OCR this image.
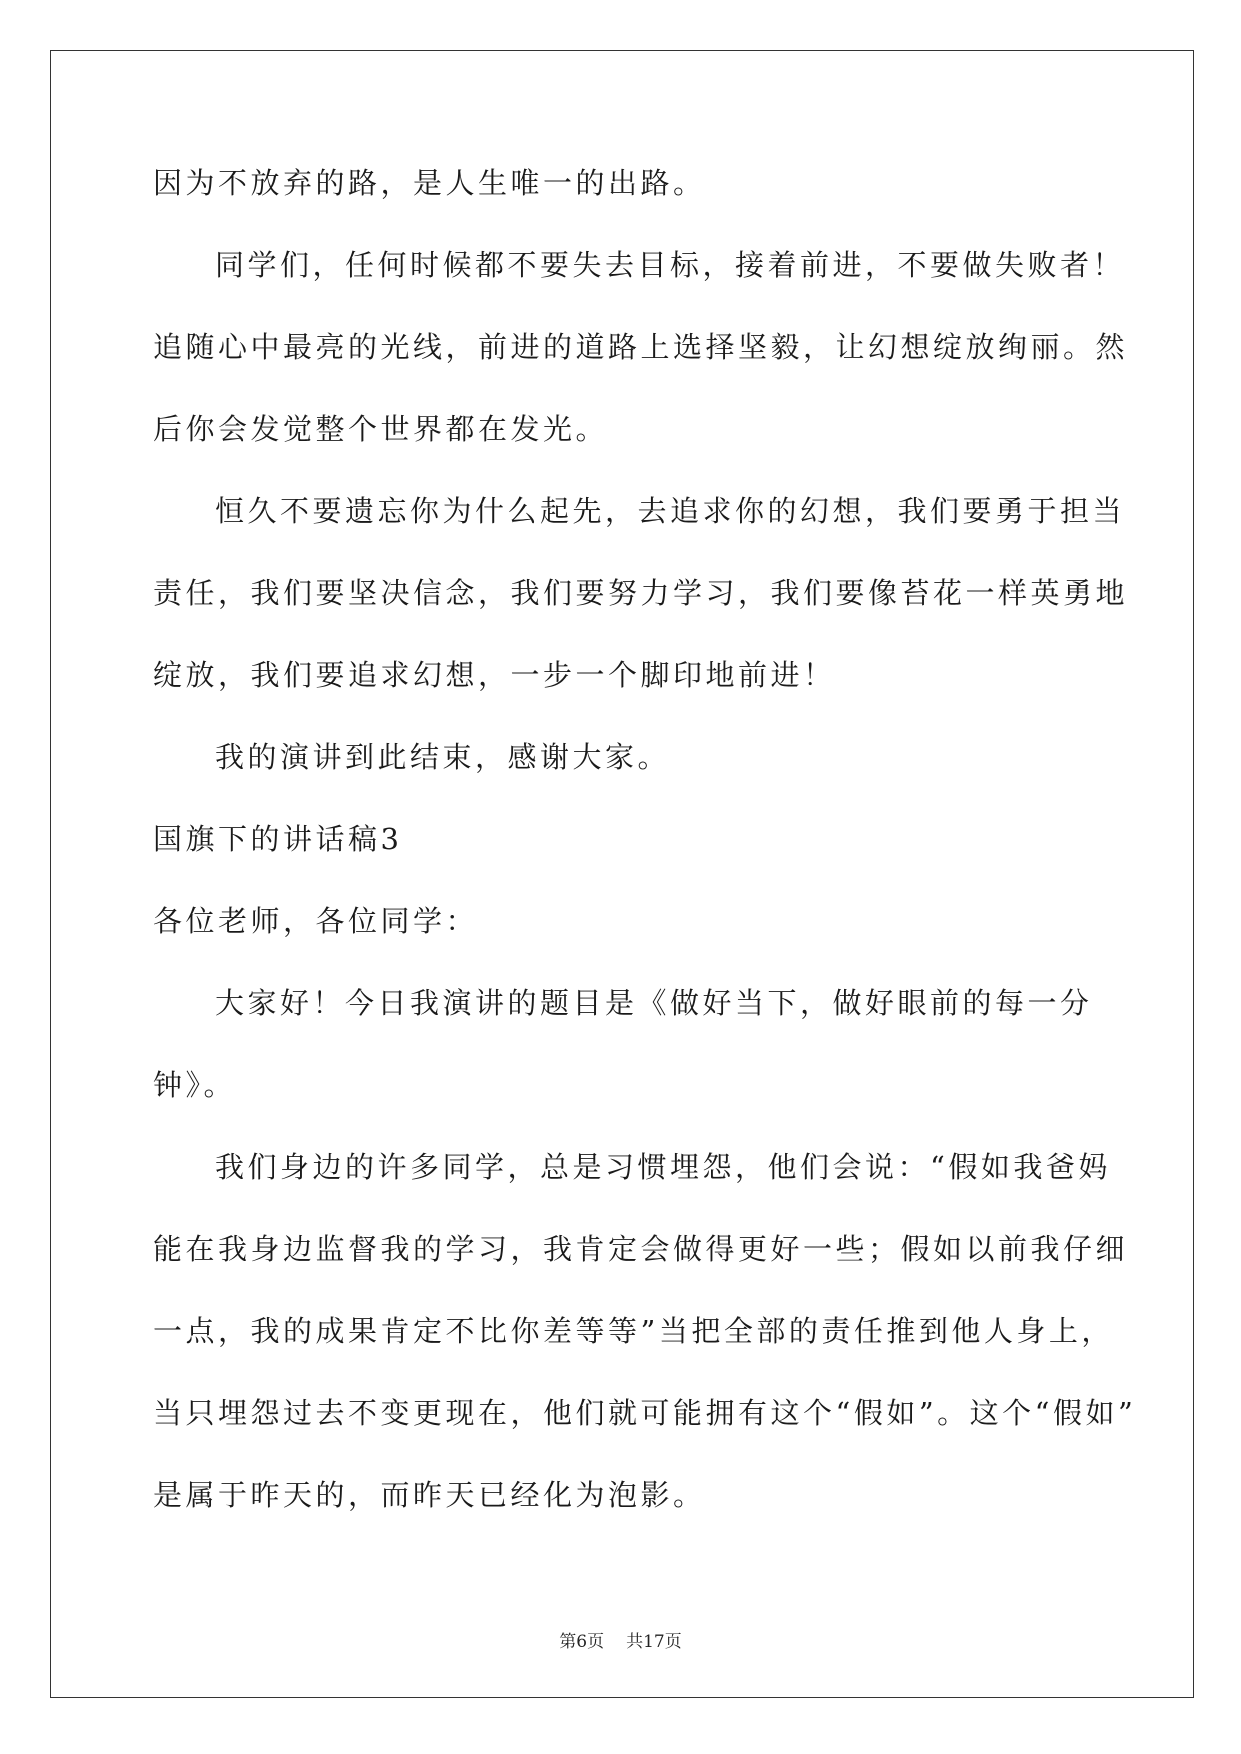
因为不放弃的路，是人生唯一的出路。
同学们，任何时候都不要失去目标，接着前进，不要做失败者！
追随心中最亮的光线，前进的道路上选择坚毅，让幻想绽放绚丽。然
后你会发觉整个世界都在发光。
恒久不要遗忘你为什么起先，去追求你的幻想，我们要勇于担当
责任，我们要坚决信念，我们要努力学习，我们要像苔花一样英勇地
绽放，我们要追求幻想，一步一个脚印地前进！
我的演讲到此结束，感谢大家。
国旗下的讲话稿3
各位老师，各位同学：
大家好！今日我演讲的题目是《做好当下，做好眼前的每一分
钟》。
我们身边的许多同学，总是习惯埋怨，他们会说：“假如我爸妈
能在我身边监督我的学习，我肯定会做得更好一些；假如以前我仔细
一点，我的成果肯定不比你差等等”当把全部的责任推到他人身上，
当只埋怨过去不变更现在，他们就可能拥有这个“假如”。这个“假如”
是属于昨天的，而昨天已经化为泡影。
第6页 共17页
